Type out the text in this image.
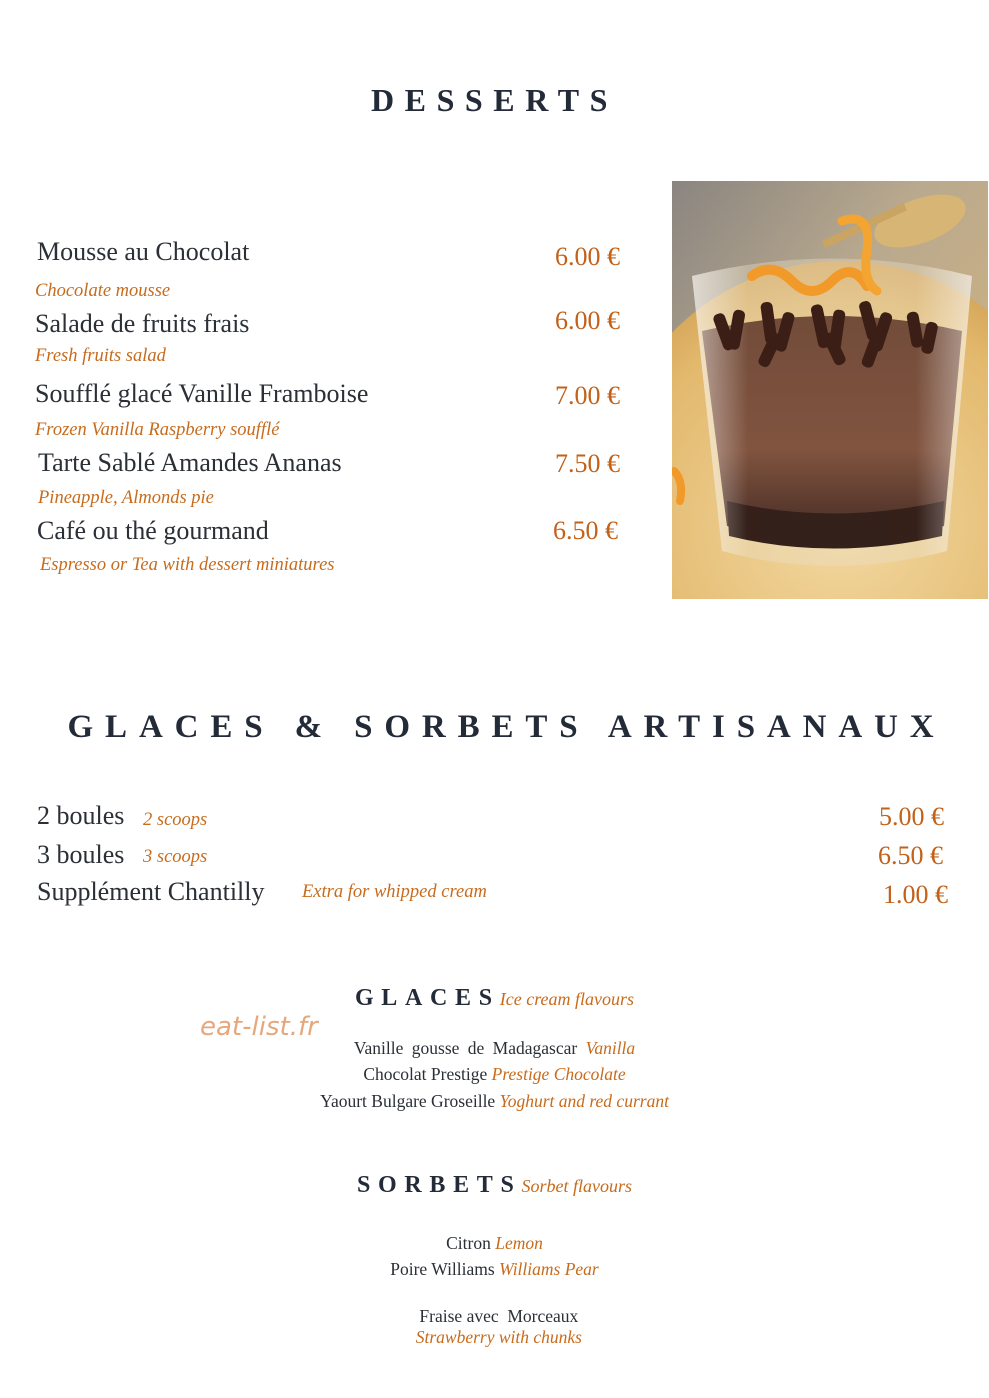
DESSERTS
Mousse au Chocolat
Chocolate mousse
6.00 €
Salade de fruits frais
Fresh fruits salad
6.00 €
Soufflé glacé Vanille Framboise
Frozen Vanilla Raspberry soufflé
7.00 €
Tarte Sablé Amandes Ananas
Pineapple, Almonds pie
7.50 €
Café ou thé gourmand
Espresso or Tea with dessert miniatures
6.50 €
GLACES & SORBETS ARTISANAUX
2 boules 2 scoops	5.00 €
3 boules 3 scoops	6.50 €
Supplément Chantilly Extra for whipped cream	1.00 €
GLACESIce cream flavours
eat-list.fr
Vanille gousse de Madagascar Vanilla
Chocolat Prestige Prestige Chocolate
Yaourt Bulgare Groseille Yoghurt and red currant
SORBETSSorbet flavours
Citron Lemon
Poire Williams Williams Pear

Fraise avec  Morceaux
Strawberry with chunks
